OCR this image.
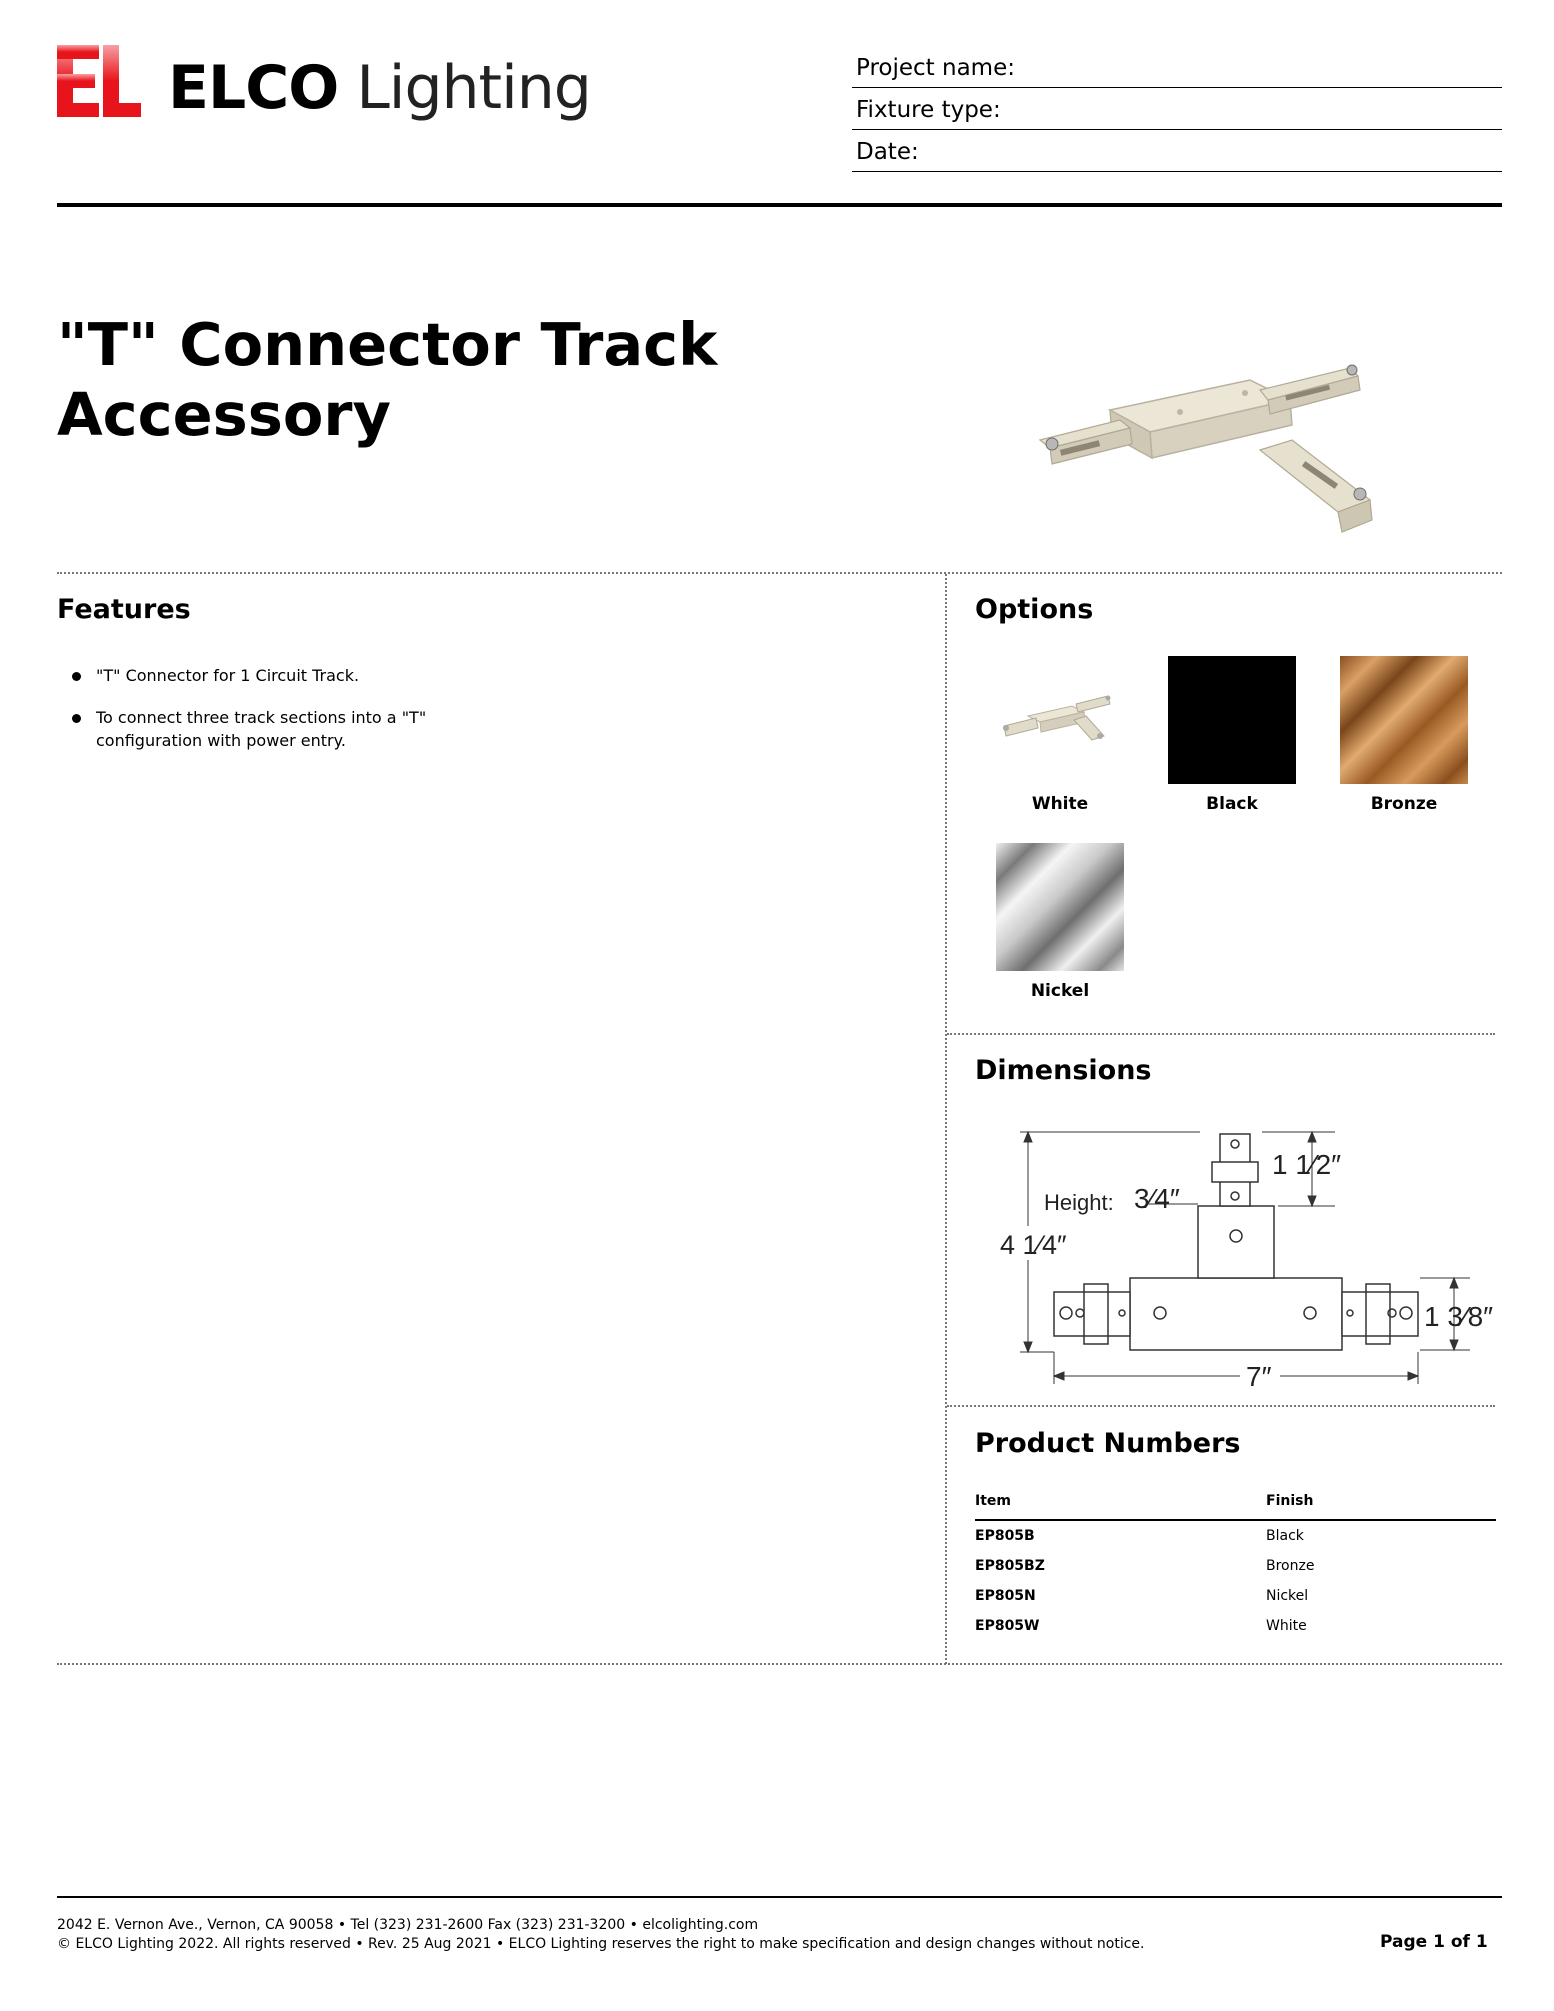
ELCO Lighting	Project name:
Fixture type:
Date:
"T" Connector Track
Accessory
Features
"T" Connector for 1 Circuit Track.
To connect three track sections into a "T" configuration with power entry.
Options
White	Black	Bronze
Nickel
Dimensions
7″
4 1⁄4″
Height: 3⁄4″
1 1⁄2″
1 3⁄8″
Product Numbers
Item	Finish
EP805B	Black
EP805BZ	Bronze
EP805N	Nickel
EP805W	White
2042 E. Vernon Ave., Vernon, CA 90058 • Tel (323) 231-2600 Fax (323) 231-3200 • elcolighting.com
© ELCO Lighting 2022. All rights reserved • Rev. 25 Aug 2021 • ELCO Lighting reserves the right to make specification and design changes without notice.	Page 1 of 1
